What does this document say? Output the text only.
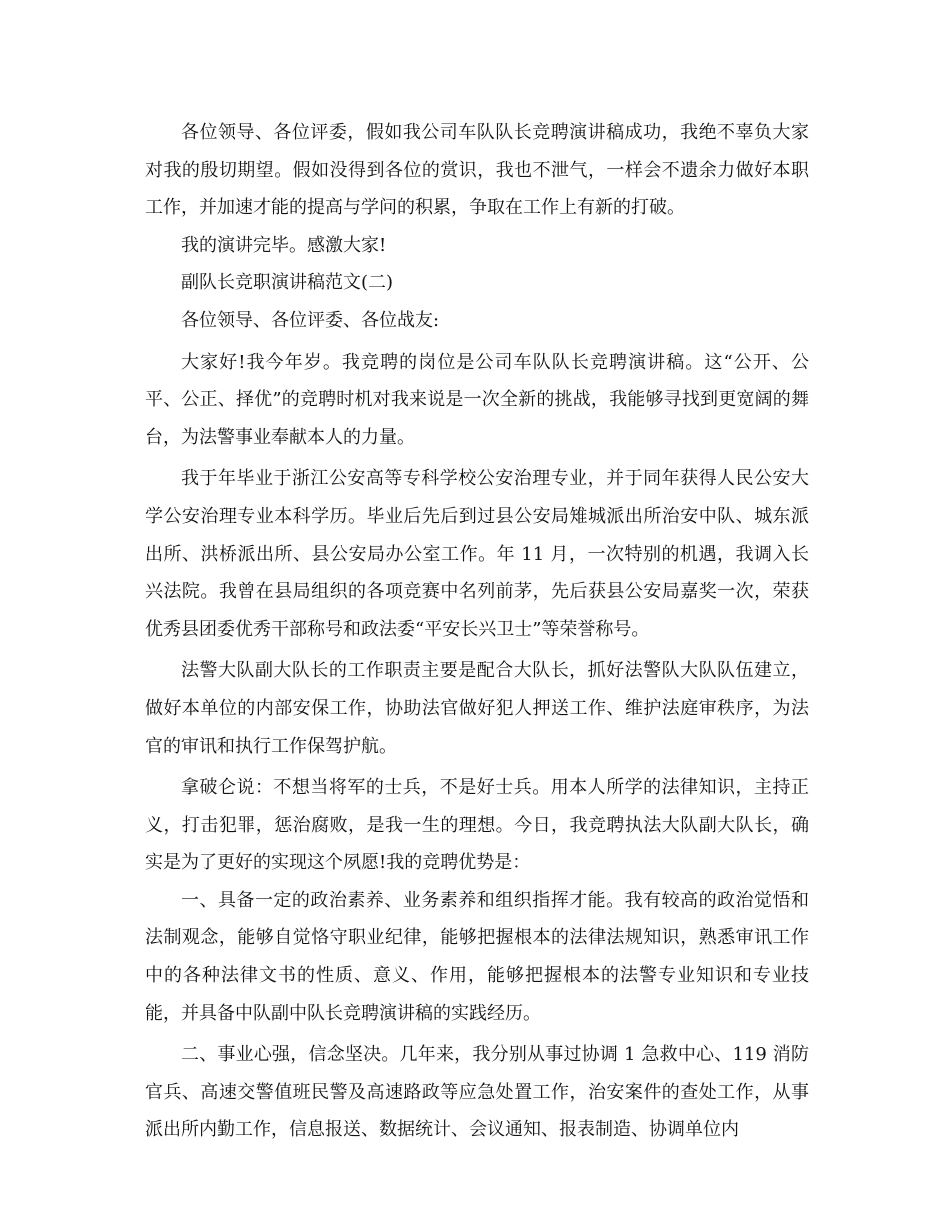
各位领导、各位评委，假如我公司车队队长竞聘演讲稿成功，我绝不辜负大家对我的殷切期望。假如没得到各位的赏识，我也不泄气，一样会不遗余力做好本职工作，并加速才能的提高与学问的积累，争取在工作上有新的打破。

我的演讲完毕。感激大家!

副队长竞职演讲稿范文(二)

各位领导、各位评委、各位战友:

大家好!我今年岁。我竞聘的岗位是公司车队队长竞聘演讲稿。这“公开、公平、公正、择优”的竞聘时机对我来说是一次全新的挑战，我能够寻找到更宽阔的舞台，为法警事业奉献本人的力量。

我于年毕业于浙江公安高等专科学校公安治理专业，并于同年获得人民公安大学公安治理专业本科学历。毕业后先后到过县公安局雉城派出所治安中队、城东派出所、洪桥派出所、县公安局办公室工作。年 11 月，一次特别的机遇，我调入长兴法院。我曾在县局组织的各项竞赛中名列前茅，先后获县公安局嘉奖一次，荣获优秀县团委优秀干部称号和政法委“平安长兴卫士”等荣誉称号。

法警大队副大队长的工作职责主要是配合大队长，抓好法警队大队队伍建立，做好本单位的内部安保工作，协助法官做好犯人押送工作、维护法庭审秩序，为法官的审讯和执行工作保驾护航。

拿破仑说：不想当将军的士兵，不是好士兵。用本人所学的法律知识，主持正义，打击犯罪，惩治腐败，是我一生的理想。今日，我竞聘执法大队副大队长，确实是为了更好的实现这个夙愿!我的竞聘优势是：

一、具备一定的政治素养、业务素养和组织指挥才能。我有较高的政治觉悟和法制观念，能够自觉恪守职业纪律，能够把握根本的法律法规知识，熟悉审讯工作中的各种法律文书的性质、意义、作用，能够把握根本的法警专业知识和专业技能，并具备中队副中队长竞聘演讲稿的实践经历。

二、事业心强，信念坚决。几年来，我分别从事过协调 1 急救中心、119 消防官兵、高速交警值班民警及高速路政等应急处置工作，治安案件的查处工作，从事派出所内勤工作，信息报送、数据统计、会议通知、报表制造、协调单位内
